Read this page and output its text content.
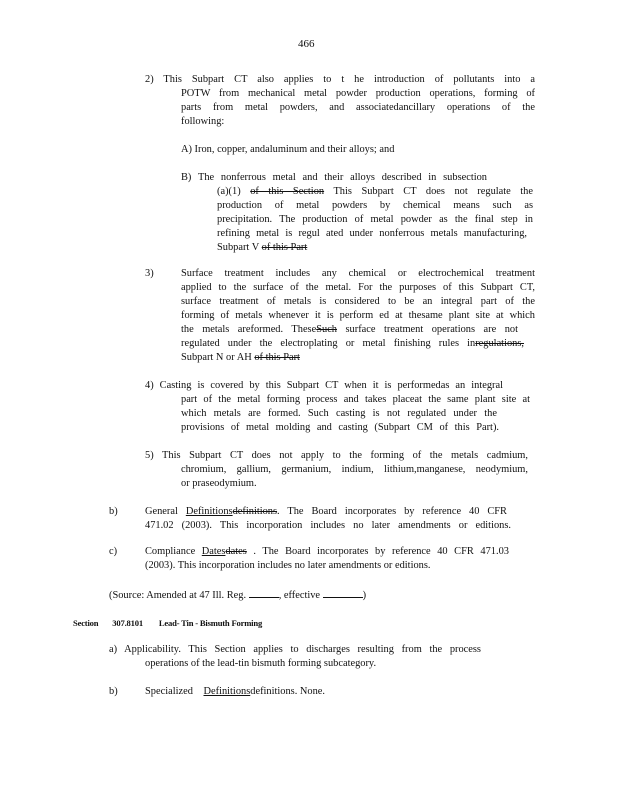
466
2) This Subpart CT also applies to t he introduction of pollutants into a
POTW from mechanical metal powder production operations, forming of
parts from metal powders, and associatedancillary operations of the
following:
A) Iron, copper, andaluminum and their alloys; and
B) The nonferrous metal and their alloys described in subsection
(a)(1) of this Section This Subpart CT does not regulate the
production of metal powders by chemical means such as
precipitation. The production of metal powder as the final step in
refining metal is regul ated under nonferrous metals manufacturing,
Subpart V of this Part
3)	Surface treatment includes any chemical or electrochemical treatment
applied to the surface of the metal. For the purposes of this Subpart CT,
surface treatment of metals is considered to be an integral part of the
forming of metals whenever it is perform ed at thesame plant site at which
the metals areformed. TheseSuch surface treatment operations are not
regulated under the electroplating or metal finishing rules inregulations,
Subpart N or AH of this Part
4) Casting is covered by this Subpart CT when it is performedas an integral
part of the metal forming process and takes placeat the same plant site at
which metals are formed. Such casting is not regulated under the
provisions of metal molding and casting (Subpart CM of this Part).
5) This Subpart CT does not apply to the forming of the metals cadmium,
chromium, gallium, germanium, indium, lithium,manganese, neodymium,
or praseodymium.
b)	General Definitionsdefinitions. The Board incorporates by reference 40 CFR
471.02 (2003). This incorporation includes no later amendments or editions.
c)	Compliance Datesdates . The Board incorporates by reference 40 CFR 471.03
(2003). This incorporation includes no later amendments or editions.
(Source: Amended at 47 Ill. Reg.	, effective	)
Section 307.8101 Lead- Tin - Bismuth Forming
a) Applicability. This Section applies to discharges resulting from the process
operations of the lead-tin bismuth forming subcategory.
b)	Specialized Definitionsdefinitions. None.
